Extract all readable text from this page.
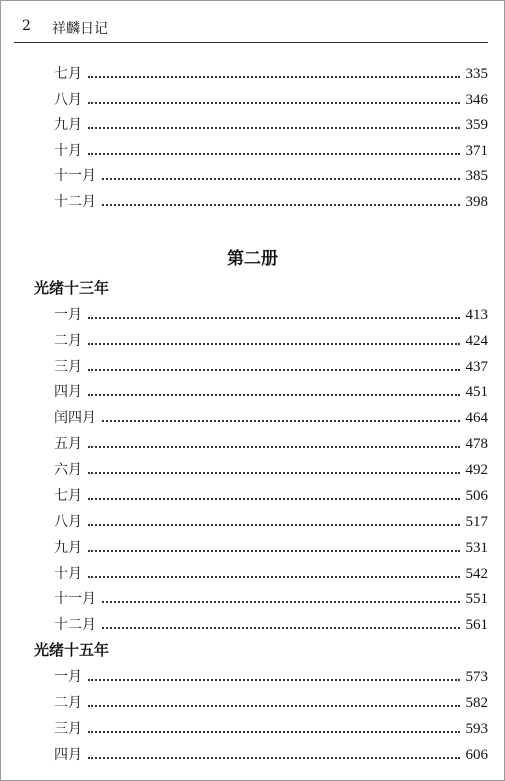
2 祥麟日记
七月	335
八月	346
九月	359
十月	371
十一月	385
十二月	398
第二册
光绪十三年
一月	413
二月	424
三月	437
四月	451
闰四月	464
五月	478
六月	492
七月	506
八月	517
九月	531
十月	542
十一月	551
十二月	561
光绪十五年
一月	573
二月	582
三月	593
四月	606
